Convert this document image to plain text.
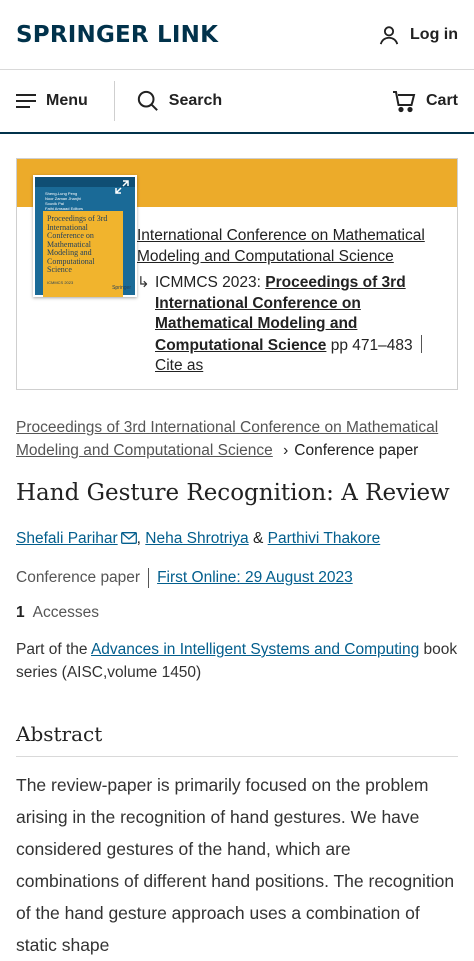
SPRINGER LINK	Log in
Menu	Search	Cart
Sheng-Lung Peng
Noor Zaman Jhanjhi
Souvik Pal
Fathi Amsaad Editors
Proceedings of 3rd International Conference on Mathematical Modeling and Computational Science
ICMMCS 2023
Springer
International Conference on Mathematical Modeling and Computational Science
↳ ICMMCS 2023: Proceedings of 3rd International Conference on Mathematical Modeling and Computational Science pp 471–483Cite as
Proceedings of 3rd International Conference on Mathematical Modeling and Computational Science › Conference paper
Hand Gesture Recognition: A Review
Shefali Parihar , Neha Shrotriya & Parthivi Thakore
Conference paper First Online: 29 August 2023
1 Accesses
Part of the Advances in Intelligent Systems and Computing book series (AISC,volume 1450)
Abstract

The review-paper is primarily focused on the problem arising in the recognition of hand gestures. We have considered gestures of the hand, which are combinations of different hand positions. The recognition of the hand gesture approach uses a combination of static shape
